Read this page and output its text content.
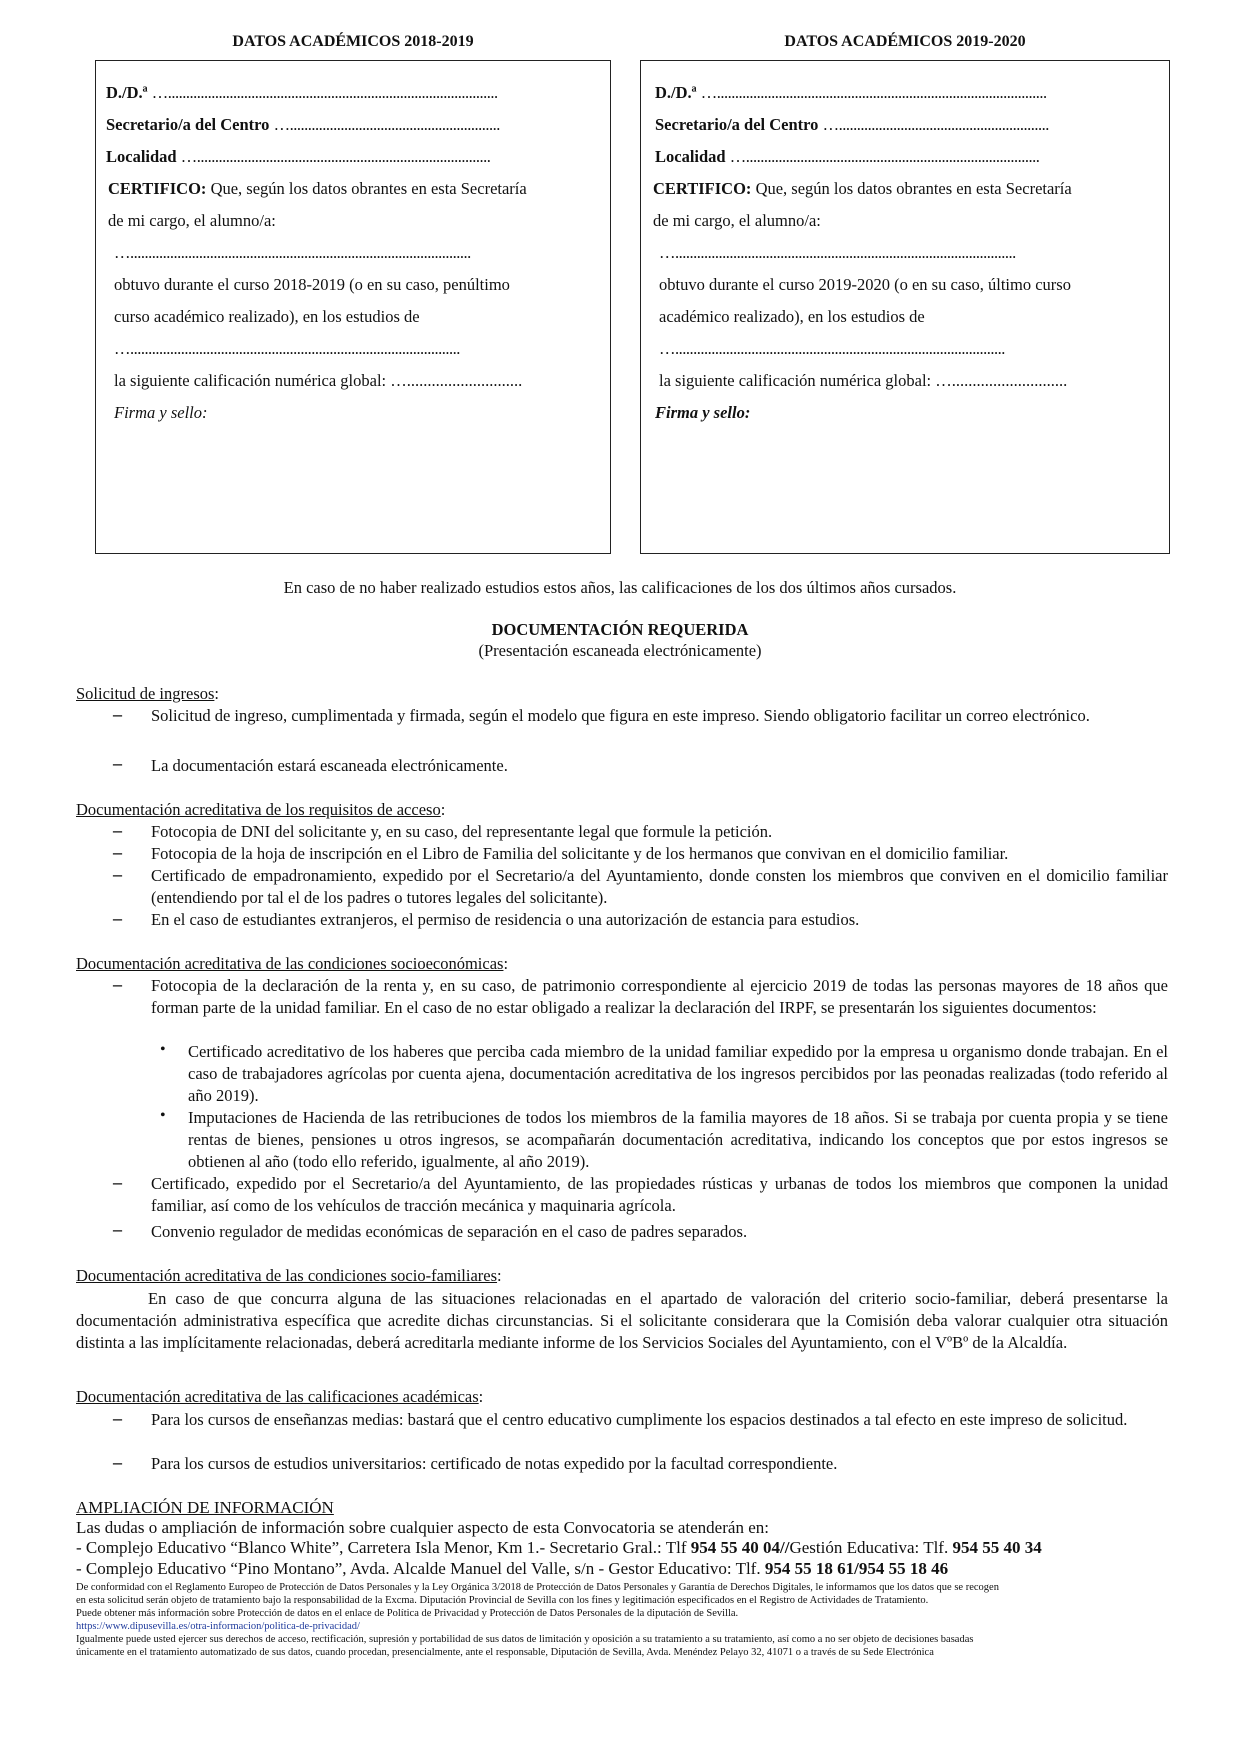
DATOS ACADÉMICOS 2018-2019
D./D.ª …...........................................................................................
Secretario/a del Centro …..........................................................
Localidad ….................................................................................
CERTIFICO: Que, según los datos obrantes en esta Secretaría
de mi cargo, el alumno/a:
…..............................................................................................
obtuvo durante el curso 2018-2019 (o en su caso, penúltimo
curso académico realizado), en los estudios de
…...........................................................................................
la siguiente calificación numérica global: …............................
Firma y sello:
DATOS ACADÉMICOS 2019-2020
D./D.ª …...........................................................................................
Secretario/a del Centro …..........................................................
Localidad ….................................................................................
CERTIFICO: Que, según los datos obrantes en esta Secretaría
de mi cargo, el alumno/a:
…..............................................................................................
obtuvo durante el curso 2019-2020 (o en su caso, último curso
académico realizado), en los estudios de
…...........................................................................................
la siguiente calificación numérica global: …............................
Firma y sello:
En caso de no haber realizado estudios estos años, las calificaciones de los dos últimos años cursados.
DOCUMENTACIÓN REQUERIDA
(Presentación escaneada electrónicamente)
Solicitud de ingresos:
– Solicitud de ingreso, cumplimentada y firmada, según el modelo que figura en este impreso. Siendo obligatorio facilitar un correo electrónico.
– La documentación estará escaneada electrónicamente.
Documentación acreditativa de los requisitos de acceso:
– Fotocopia de DNI del solicitante y, en su caso, del representante legal que formule la petición.
– Fotocopia de la hoja de inscripción en el Libro de Familia del solicitante y de los hermanos que convivan en el domicilio familiar.
– Certificado de empadronamiento, expedido por el Secretario/a del Ayuntamiento, donde consten los miembros que conviven en el domicilio familiar (entendiendo por tal el de los padres o tutores legales del solicitante).
– En el caso de estudiantes extranjeros, el permiso de residencia o una autorización de estancia para estudios.
Documentación acreditativa de las condiciones socioeconómicas:
– Fotocopia de la declaración de la renta y, en su caso, de patrimonio correspondiente al ejercicio 2019 de todas las personas mayores de 18 años que forman parte de la unidad familiar. En el caso de no estar obligado a realizar la declaración del IRPF, se presentarán los siguientes documentos:
• Certificado acreditativo de los haberes que perciba cada miembro de la unidad familiar expedido por la empresa u organismo donde trabajan. En el caso de trabajadores agrícolas por cuenta ajena, documentación acreditativa de los ingresos percibidos por las peonadas realizadas (todo referido al año 2019).
• Imputaciones de Hacienda de las retribuciones de todos los miembros de la familia mayores de 18 años. Si se trabaja por cuenta propia y se tiene rentas de bienes, pensiones u otros ingresos, se acompañarán documentación acreditativa, indicando los conceptos que por estos ingresos se obtienen al año (todo ello referido, igualmente, al año 2019).
– Certificado, expedido por el Secretario/a del Ayuntamiento, de las propiedades rústicas y urbanas de todos los miembros que componen la unidad familiar, así como de los vehículos de tracción mecánica y maquinaria agrícola.
– Convenio regulador de medidas económicas de separación en el caso de padres separados.
Documentación acreditativa de las condiciones socio-familiares:
En caso de que concurra alguna de las situaciones relacionadas en el apartado de valoración del criterio socio-familiar, deberá presentarse la documentación administrativa específica que acredite dichas circunstancias. Si el solicitante considerara que la Comisión deba valorar cualquier otra situación distinta a las implícitamente relacionadas, deberá acreditarla mediante informe de los Servicios Sociales del Ayuntamiento, con el VºBº de la Alcaldía.
Documentación acreditativa de las calificaciones académicas:
– Para los cursos de enseñanzas medias: bastará que el centro educativo cumplimente los espacios destinados a tal efecto en este impreso de solicitud.
– Para los cursos de estudios universitarios: certificado de notas expedido por la facultad correspondiente.
AMPLIACIÓN DE INFORMACIÓN
Las dudas o ampliación de información sobre cualquier aspecto de esta Convocatoria se atenderán en:
- Complejo Educativo “Blanco White”, Carretera Isla Menor, Km 1.- Secretario Gral.: Tlf 954 55 40 04//Gestión Educativa: Tlf. 954 55 40 34
- Complejo Educativo “Pino Montano”, Avda. Alcalde Manuel del Valle, s/n - Gestor Educativo: Tlf. 954 55 18 61/954 55 18 46
De conformidad con el Reglamento Europeo de Protección de Datos Personales y la Ley Orgánica 3/2018 de Protección de Datos Personales y Garantía de Derechos Digitales, le informamos que los datos que se recogen
en esta solicitud serán objeto de tratamiento bajo la responsabilidad de la Excma. Diputación Provincial de Sevilla con los fines y legitimación especificados en el Registro de Actividades de Tratamiento.
Puede obtener más información sobre Protección de datos en el enlace de Política de Privacidad y Protección de Datos Personales de la diputación de Sevilla.
https://www.dipusevilla.es/otra-informacion/politica-de-privacidad/
Igualmente puede usted ejercer sus derechos de acceso, rectificación, supresión y portabilidad de sus datos de limitación y oposición a su tratamiento a su tratamiento, así como a no ser objeto de decisiones basadas
únicamente en el tratamiento automatizado de sus datos, cuando procedan, presencialmente, ante el responsable, Diputación de Sevilla, Avda. Menéndez Pelayo 32, 41071 o a través de su Sede Electrónica
